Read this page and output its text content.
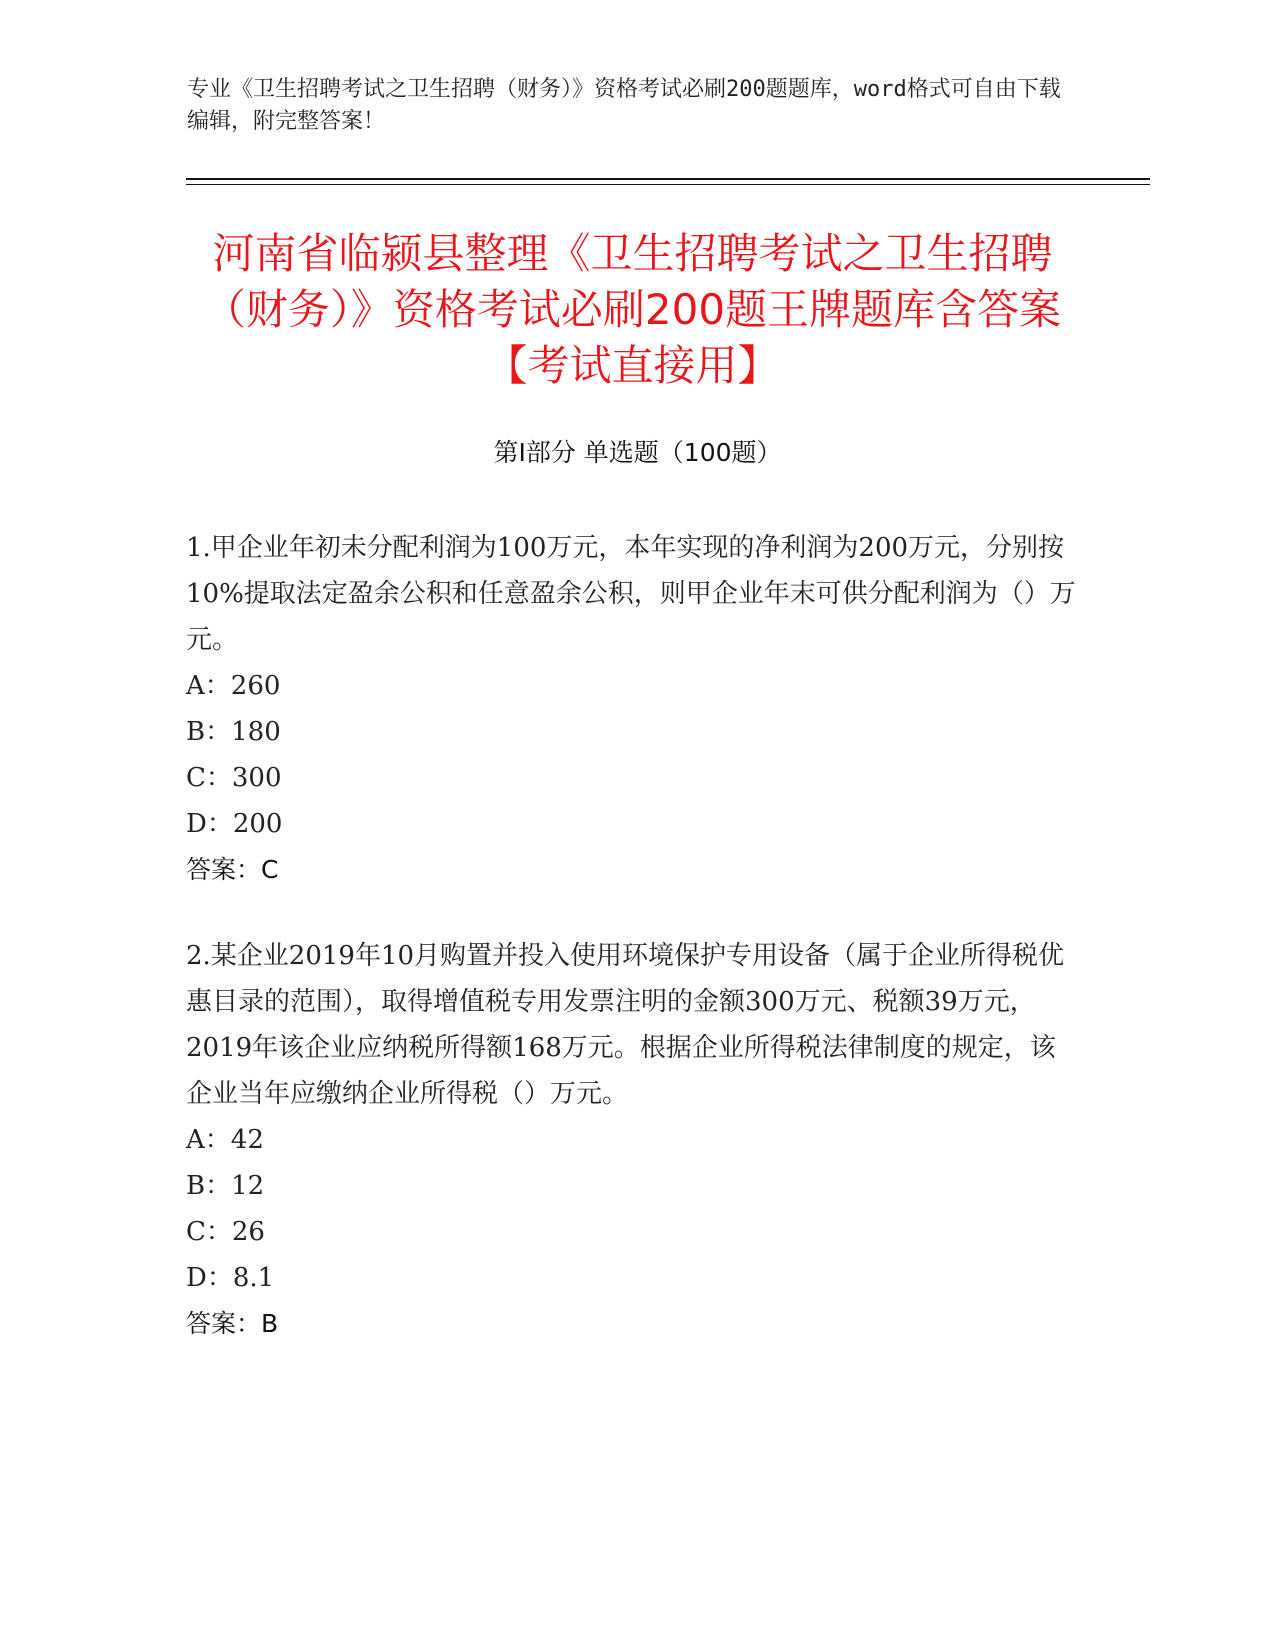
专业《卫生招聘考试之卫生招聘（财务）》资格考试必刷200题题库，word格式可自由下载编辑，附完整答案！
河南省临颍县整理《卫生招聘考试之卫生招聘（财务）》资格考试必刷200题王牌题库含答案【考试直接用】
第Ⅰ部分 单选题（100题）

1.甲企业年初未分配利润为100万元，本年实现的净利润为200万元，分别按10%提取法定盈余公积和任意盈余公积，则甲企业年末可供分配利润为（）万元。

A：260

B：180

C：300

D：200

答案：C

2.某企业2019年10月购置并投入使用环境保护专用设备（属于企业所得税优惠目录的范围），取得增值税专用发票注明的金额300万元、税额39万元，2019年该企业应纳税所得额168万元。根据企业所得税法律制度的规定，该企业当年应缴纳企业所得税（）万元。

A：42

B：12

C：26

D：8.1

答案：B
